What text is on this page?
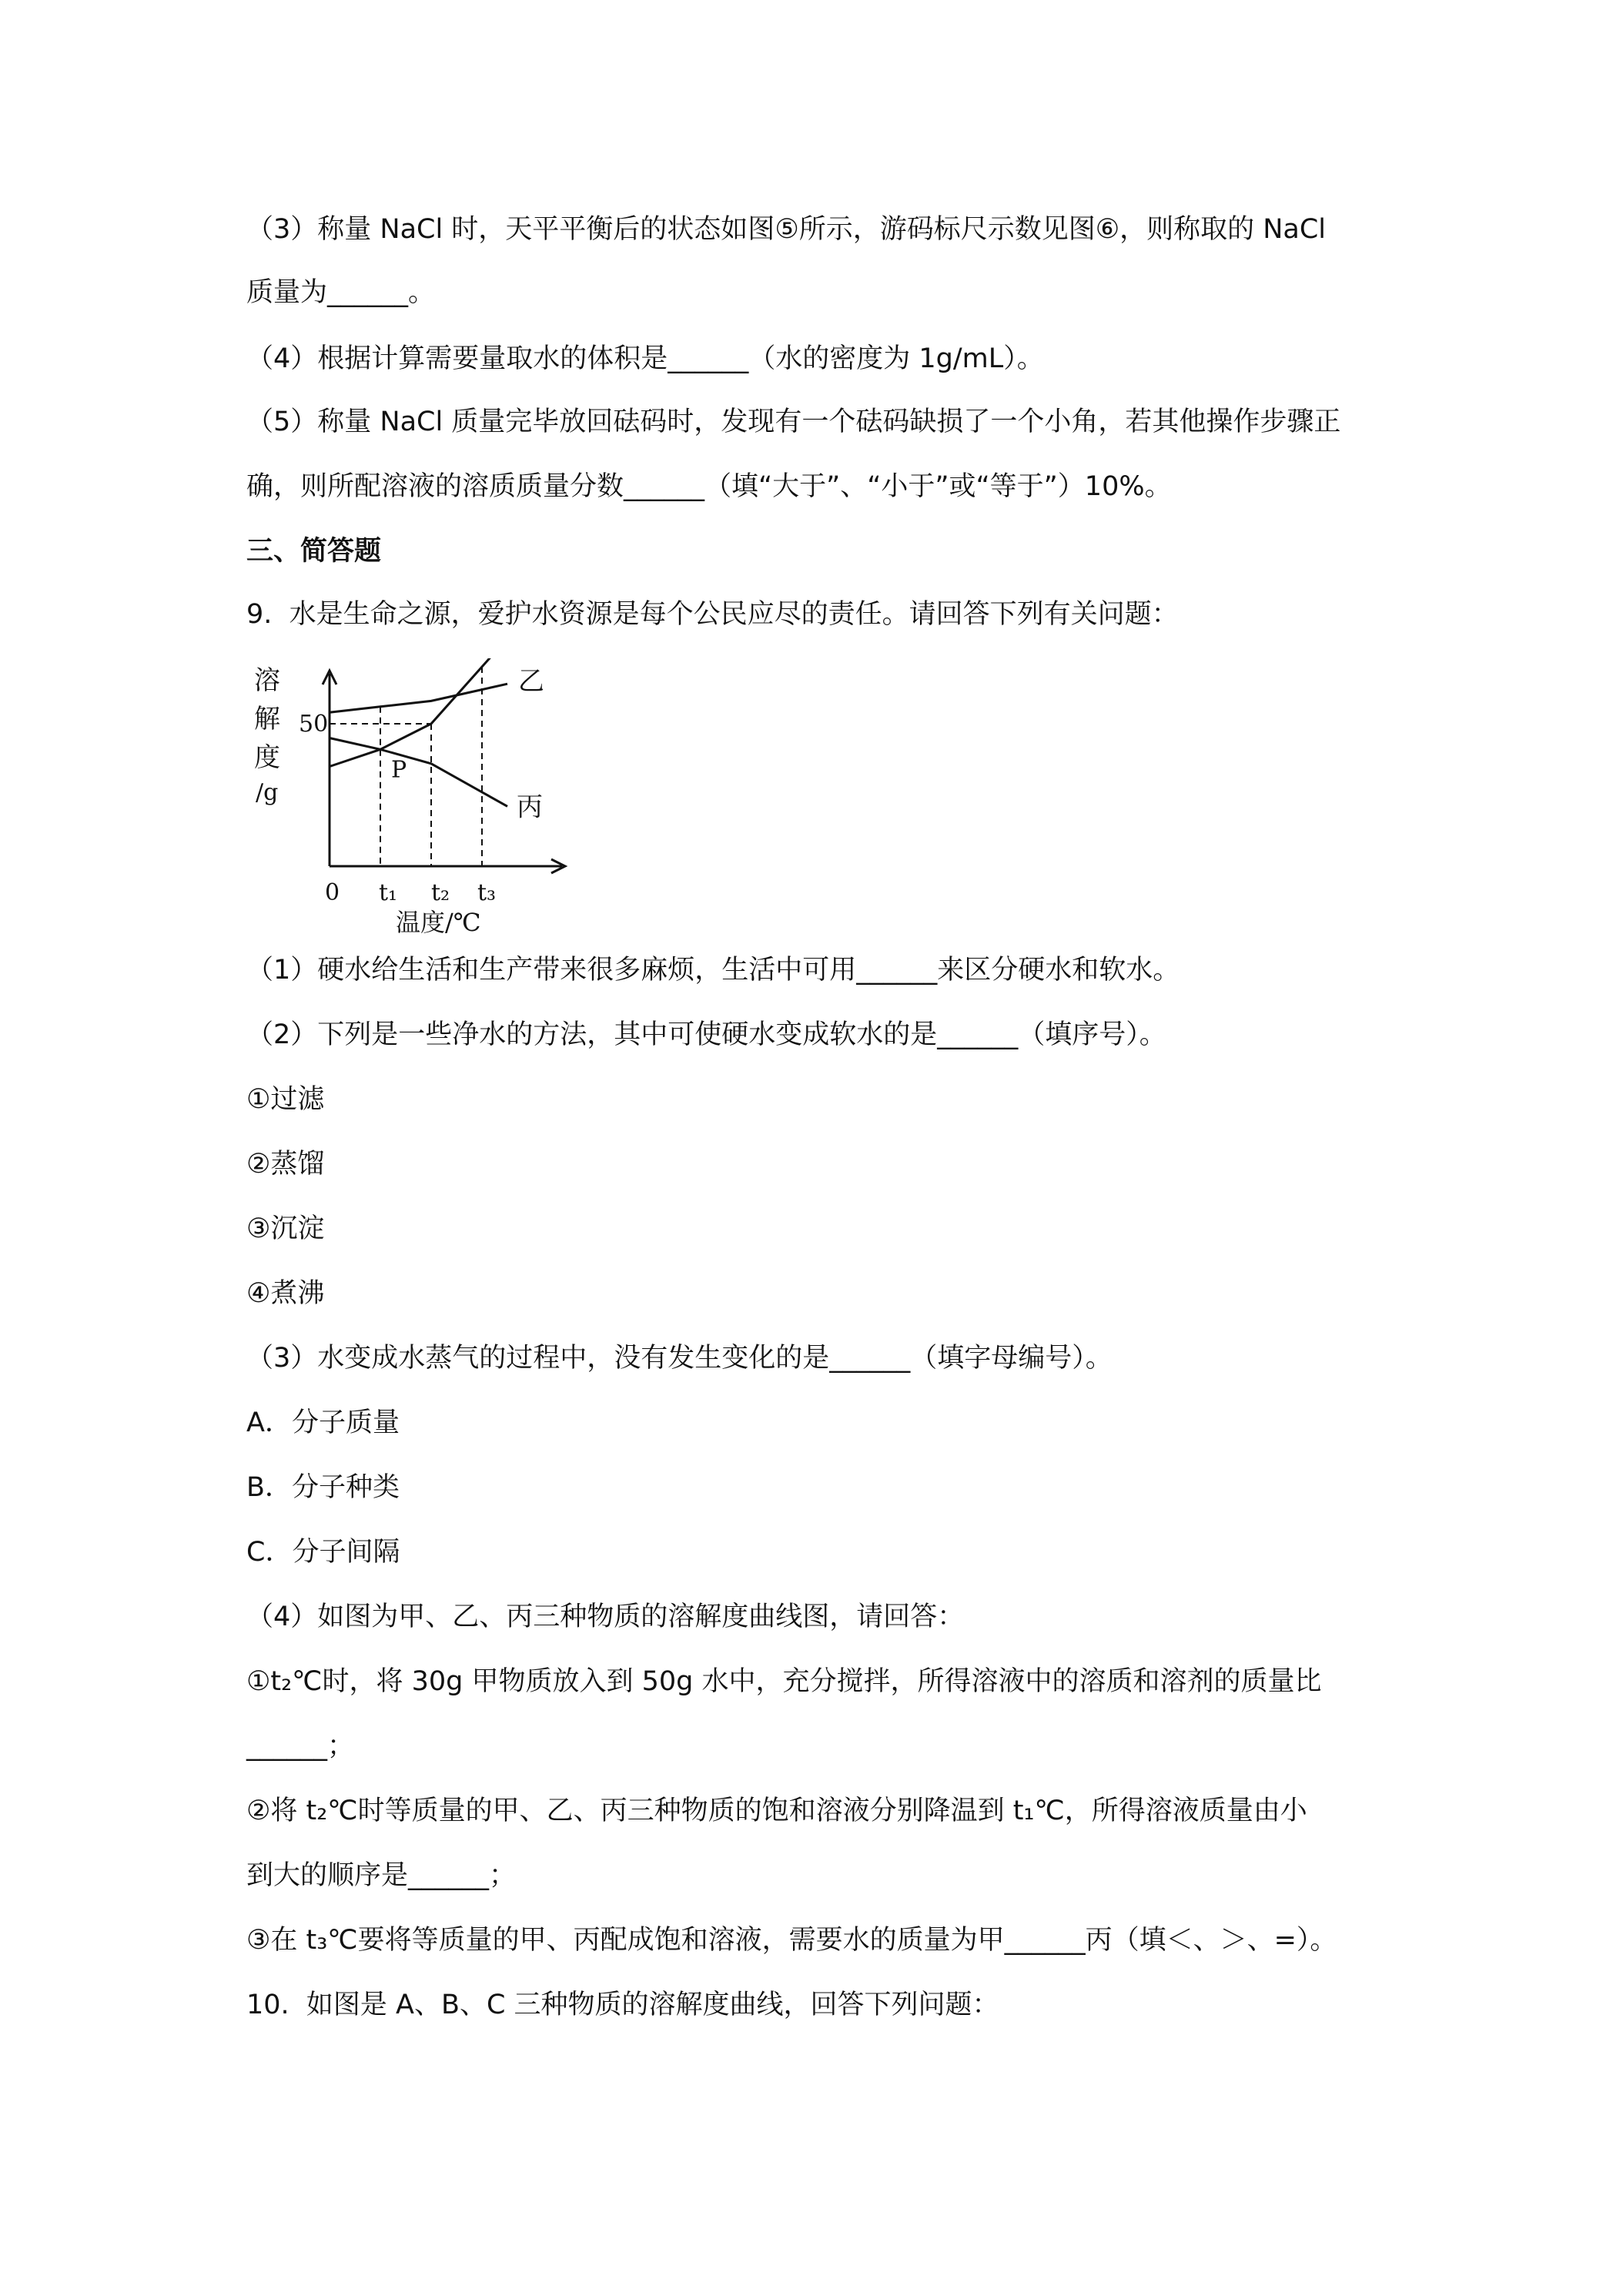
（3）称量 NaCl 时，天平平衡后的状态如图⑤所示，游码标尺示数见图⑥，则称取的 NaCl
质量为______。
（4）根据计算需要量取水的体积是______（水的密度为 1g/mL）。
（5）称量 NaCl 质量完毕放回砝码时，发现有一个砝码缺损了一个小角，若其他操作步骤正
确，则所配溶液的溶质质量分数______（填“大于”、“小于”或“等于”）10%。
三、简答题
9.  水是生命之源，爱护水资源是每个公民应尽的责任。请回答下列有关问题：
溶
解
度
/g
乙
丙
50
0 t₁ t₂ t₃
P
温度/℃
（1）硬水给生活和生产带来很多麻烦，生活中可用______来区分硬水和软水。
（2）下列是一些净水的方法，其中可使硬水变成软水的是______（填序号）。
①过滤
②蒸馏
③沉淀
④煮沸
（3）水变成水蒸气的过程中，没有发生变化的是______（填字母编号）。
A．分子质量
B．分子种类
C．分子间隔
（4）如图为甲、乙、丙三种物质的溶解度曲线图，请回答：
①t₂℃时，将 30g 甲物质放入到 50g 水中，充分搅拌，所得溶液中的溶质和溶剂的质量比
______；
②将 t₂℃时等质量的甲、乙、丙三种物质的饱和溶液分别降温到 t₁℃，所得溶液质量由小
到大的顺序是______；
③在 t₃℃要将等质量的甲、丙配成饱和溶液，需要水的质量为甲______丙（填＜、＞、=）。
10.  如图是 A、B、C 三种物质的溶解度曲线，回答下列问题：
